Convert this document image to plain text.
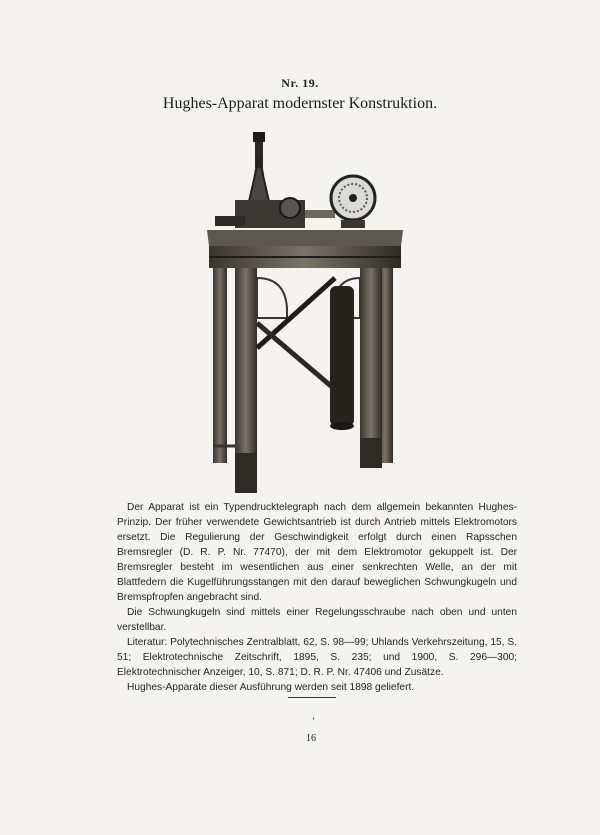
Nr. 19.
Hughes-Apparat modernster Konstruktion.

Der Apparat ist ein Typendrucktelegraph nach dem allgemein bekannten Hughes-Prinzip. Der früher verwendete Gewichtsantrieb ist durch Antrieb mittels Elektromotors ersetzt. Die Regulierung der Geschwindigkeit erfolgt durch einen Rapsschen Bremsregler (D. R. P. Nr. 77470), der mit dem Elektromotor gekuppelt ist. Der Bremsregler besteht im wesentlichen aus einer senkrechten Welle, an der mit Blattfedern die Kugelführungsstangen mit den darauf beweglichen Schwungkugeln und Bremspfropfen angebracht sind.

Die Schwungkugeln sind mittels einer Regelungsschraube nach oben und unten verstellbar.

Literatur: Polytechnisches Zentralblatt, 62, S. 98—99; Uhlands Verkehrszeitung, 15, S. 51; Elektrotechnische Zeitschrift, 1895, S. 235; und 1900, S. 296—300; Elektrotechnischer Anzeiger, 10, S. 871; D. R. P. Nr. 47406 und Zusätze.

Hughes-Apparate dieser Ausführung werden seit 1898 geliefert.

’
16
